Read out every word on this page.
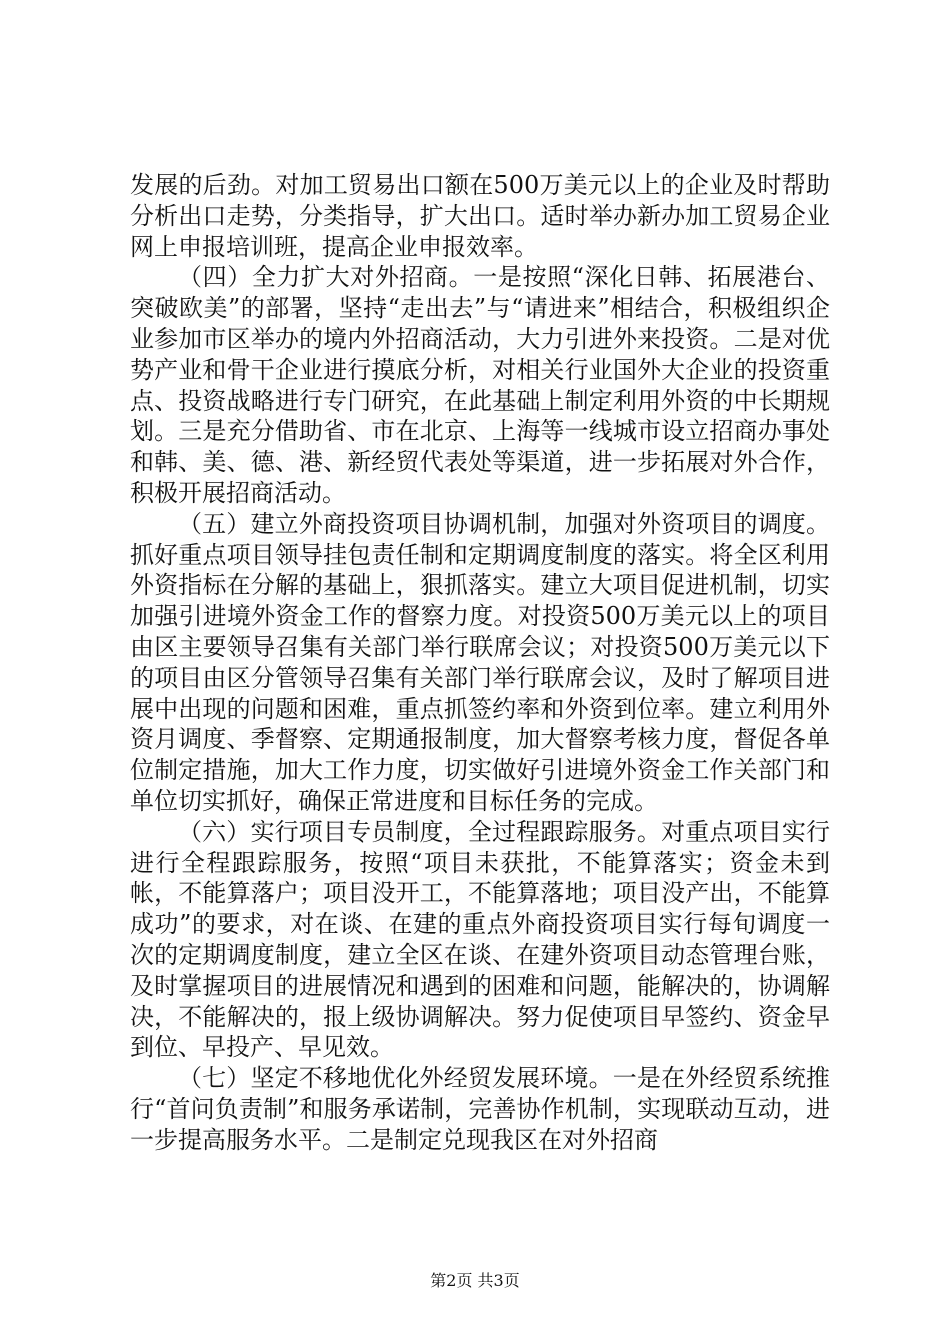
发展的后劲。对加工贸易出口额在500万美元以上的企业及时帮助分析出口走势，分类指导，扩大出口。适时举办新办加工贸易企业网上申报培训班，提高企业申报效率。

（四）全力扩大对外招商。一是按照“深化日韩、拓展港台、突破欧美”的部署，坚持“走出去”与“请进来”相结合，积极组织企业参加市区举办的境内外招商活动，大力引进外来投资。二是对优势产业和骨干企业进行摸底分析，对相关行业国外大企业的投资重点、投资战略进行专门研究，在此基础上制定利用外资的中长期规划。三是充分借助省、市在北京、上海等一线城市设立招商办事处和韩、美、德、港、新经贸代表处等渠道，进一步拓展对外合作，积极开展招商活动。

（五）建立外商投资项目协调机制，加强对外资项目的调度。抓好重点项目领导挂包责任制和定期调度制度的落实。将全区利用外资指标在分解的基础上，狠抓落实。建立大项目促进机制，切实加强引进境外资金工作的督察力度。对投资500万美元以上的项目由区主要领导召集有关部门举行联席会议；对投资500万美元以下的项目由区分管领导召集有关部门举行联席会议，及时了解项目进展中出现的问题和困难，重点抓签约率和外资到位率。建立利用外资月调度、季督察、定期通报制度，加大督察考核力度，督促各单位制定措施，加大工作力度，切实做好引进境外资金工作关部门和单位切实抓好，确保正常进度和目标任务的完成。

（六）实行项目专员制度，全过程跟踪服务。对重点项目实行进行全程跟踪服务，按照“项目未获批，不能算落实；资金未到帐，不能算落户；项目没开工，不能算落地；项目没产出，不能算成功”的要求，对在谈、在建的重点外商投资项目实行每旬调度一次的定期调度制度，建立全区在谈、在建外资项目动态管理台账，及时掌握项目的进展情况和遇到的困难和问题，能解决的，协调解决，不能解决的，报上级协调解决。努力促使项目早签约、资金早到位、早投产、早见效。

（七）坚定不移地优化外经贸发展环境。一是在外经贸系统推行“首问负责制”和服务承诺制，完善协作机制，实现联动互动，进一步提高服务水平。二是制定兑现我区在对外招商

第2页 共3页
